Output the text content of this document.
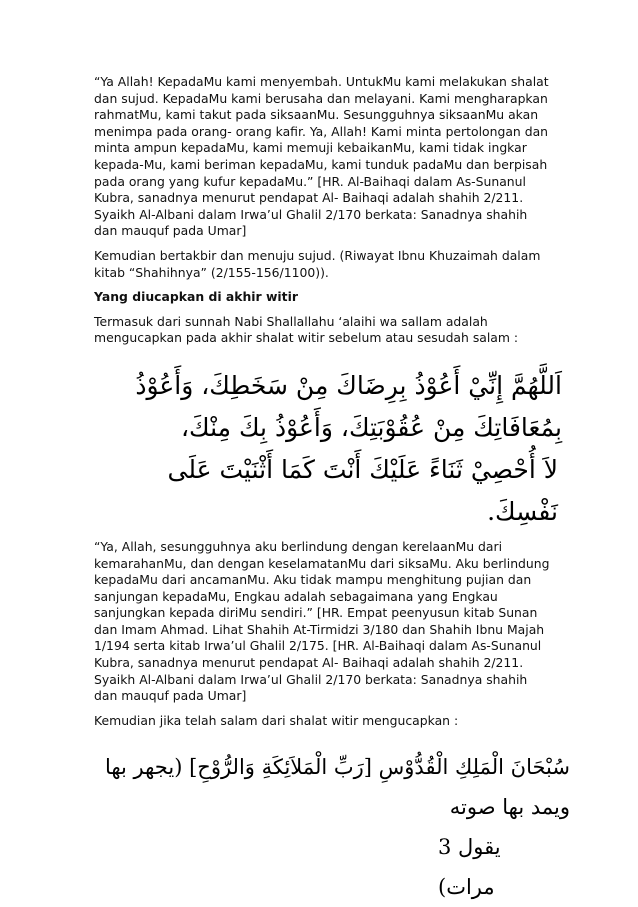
“Ya Allah! KepadaMu kami menyembah. UntukMu kami melakukan shalat dan sujud. KepadaMu kami berusaha dan melayani. Kami mengharapkan rahmatMu, kami takut pada siksaanMu. Sesungguhnya siksaanMu akan menimpa pada orang- orang kafir. Ya, Allah! Kami minta pertolongan dan minta ampun kepadaMu, kami memuji kebaikanMu, kami tidak ingkar kepada-Mu, kami beriman kepadaMu, kami tunduk padaMu dan berpisah pada orang yang kufur kepadaMu.” [HR. Al-Baihaqi dalam As-Sunanul Kubra, sanadnya menurut pendapat Al- Baihaqi adalah shahih 2/211. Syaikh Al-Albani dalam Irwa’ul Ghalil 2/170 berkata: Sanadnya shahih dan mauquf pada Umar]

Kemudian bertakbir dan menuju sujud. (Riwayat Ibnu Khuzaimah dalam kitab “Shahihnya” (2/155-156/1100)).

Yang diucapkan di akhir witir

Termasuk dari sunnah Nabi Shallallahu ‘alaihi wa sallam adalah mengucapkan pada akhir shalat witir sebelum atau sesudah salam :

اَللَّهُمَّ إِنِّيْ أَعُوْذُ بِرِضَاكَ مِنْ سَخَطِكَ، وَأَعُوْذُ بِمُعَافَاتِكَ مِنْ عُقُوْبَتِكَ، وَأَعُوْذُ بِكَ مِنْكَ،
لاَ أُحْصِيْ ثَنَاءً عَلَيْكَ أَنْتَ كَمَا أَثْنَيْتَ عَلَى نَفْسِكَ.

“Ya, Allah, sesungguhnya aku berlindung dengan kerelaanMu dari kemarahanMu, dan dengan keselamatanMu dari siksaMu. Aku berlindung kepadaMu dari ancamanMu. Aku tidak mampu menghitung pujian dan sanjungan kepadaMu, Engkau adalah sebagaimana yang Engkau sanjungkan kepada diriMu sendiri.” [HR. Empat peenyusun kitab Sunan dan Imam Ahmad. Lihat Shahih At-Tirmidzi 3/180 dan Shahih Ibnu Majah 1/194 serta kitab Irwa’ul Ghalil 2/175. [HR. Al-Baihaqi dalam As-Sunanul Kubra, sanadnya menurut pendapat Al- Baihaqi adalah shahih 2/211. Syaikh Al-Albani dalam Irwa’ul Ghalil 2/170 berkata: Sanadnya shahih dan mauquf pada Umar]

Kemudian jika telah salam dari shalat witir mengucapkan :

سُبْحَانَ الْمَلِكِ الْقُدُّوْسِ [رَبِّ الْمَلاَئِكَةِ وَالرُّوْحِ] (يجهر بها ويمد بها صوته
يقول 3 مرات)
